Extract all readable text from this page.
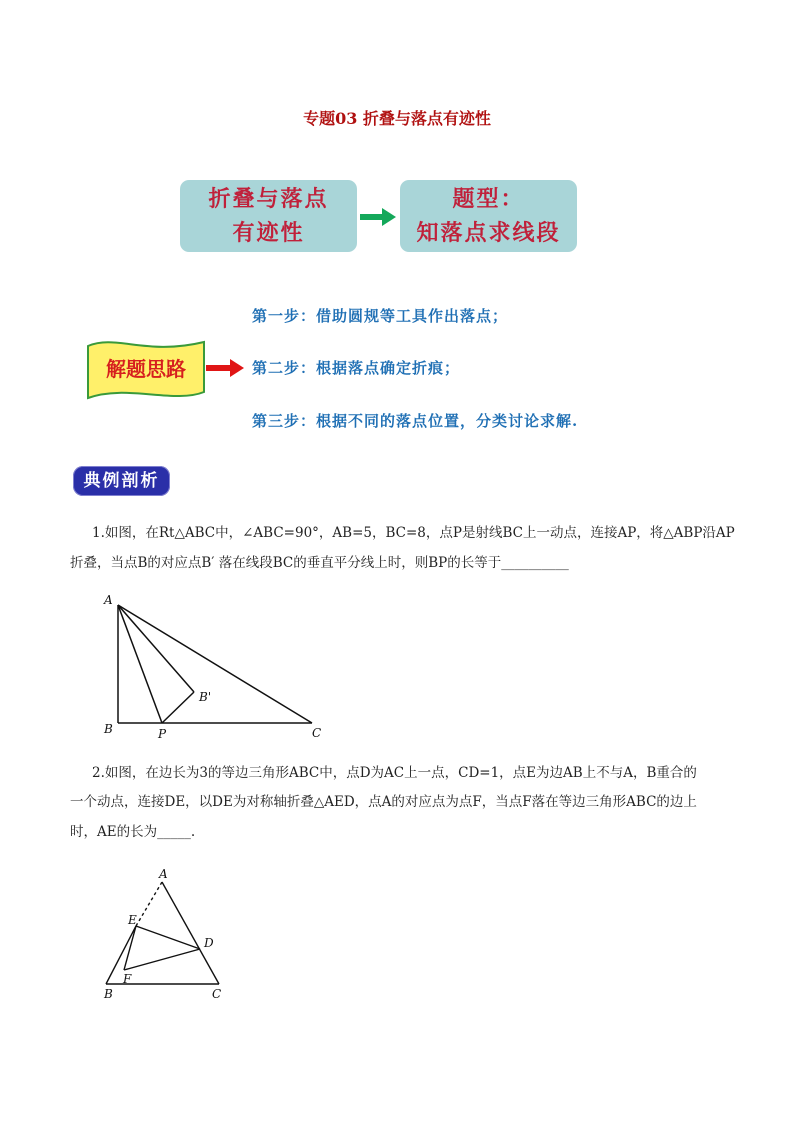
专题03 折叠与落点有迹性
折叠与落点
有迹性
题型：
知落点求线段
解题思路
第一步：借助圆规等工具作出落点；
第二步：根据落点确定折痕；
第三步：根据不同的落点位置，分类讨论求解.
典例剖析
1.如图，在Rt△ABC中，∠ABC=90°，AB=5，BC=8，点P是射线BC上一动点，连接AP，将△ABP沿AP
折叠，当点B的对应点B′ 落在线段BC的垂直平分线上时，则BP的长等于__________
A
B	C
P
B'
2.如图，在边长为3的等边三角形ABC中，点D为AC上一点，CD=1，点E为边AB上不与A，B重合的
一个动点，连接DE，以DE为对称轴折叠△AED，点A的对应点为点F，当点F落在等边三角形ABC的边上
时，AE的长为_____.
A
E
D
F
B	C
